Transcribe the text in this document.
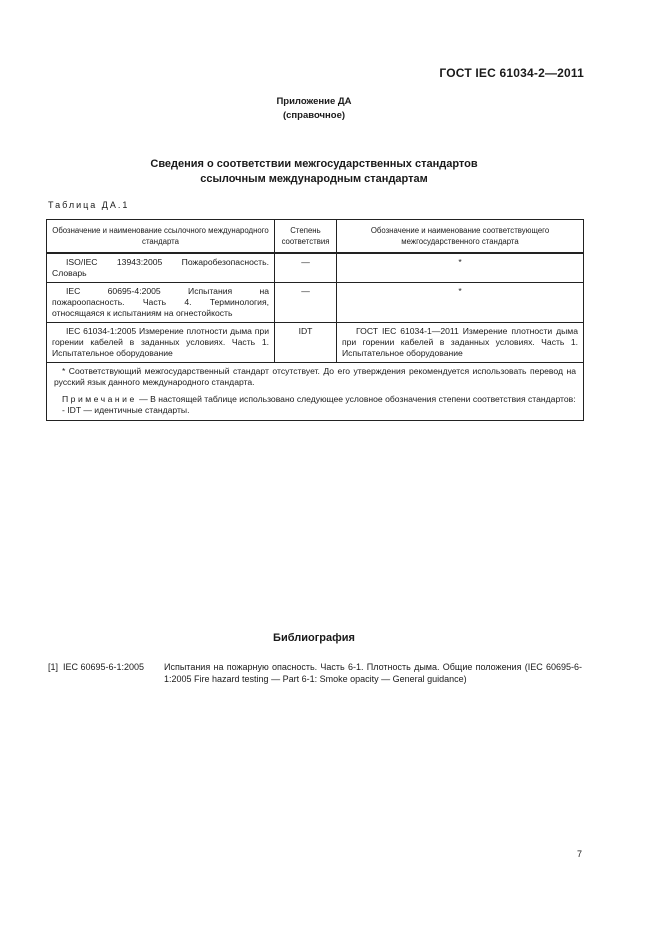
ГОСТ IEC 61034-2—2011
Приложение ДА
(справочное)
Сведения о соответствии межгосударственных стандартов
ссылочным международным стандартам
Таблица ДА.1
Обозначение и наименование ссылочного международного стандарта	Степень соответствия	Обозначение и наименование соответствующего межгосударственного стандарта
ISO/IEC 13943:2005 Пожаробезопасность. Словарь	—	*
IEC 60695-4:2005 Испытания на пожароопасность. Часть 4. Терминология, относящаяся к испытаниям на огнестойкость	—	*
IEC 61034-1:2005 Измерение плотности дыма при горении кабелей в заданных условиях. Часть 1. Испытательное оборудование	IDT	ГОСТ IEC 61034-1—2011 Измерение плотности дыма при горении кабелей в заданных условиях. Часть 1. Испытательное оборудование

* Соответствующий межгосударственный стандарт отсутствует. До его утверждения рекомендуется использовать перевод на русский язык данного международного стандарта.

Примечание — В настоящей таблице использовано следующее условное обозначения степени соответствия стандартов:

- IDT — идентичные стандарты.		

Библиография
[1] IEC 60695-6-1:2005 Испытания на пожарную опасность. Часть 6-1. Плотность дыма. Общие положения (IEC 60695-6-1:2005 Fire hazard testing — Part 6-1: Smoke opacity — General guidance)
7
